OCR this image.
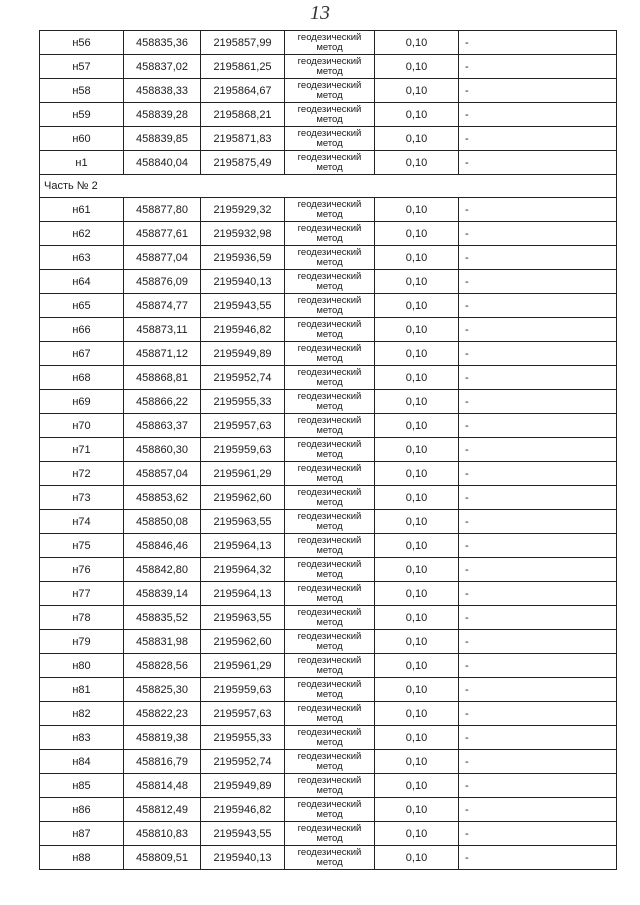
13
н56	458835,36	2195857,99	геодезический метод	0,10	-
н57	458837,02	2195861,25	геодезический метод	0,10	-
н58	458838,33	2195864,67	геодезический метод	0,10	-
н59	458839,28	2195868,21	геодезический метод	0,10	-
н60	458839,85	2195871,83	геодезический метод	0,10	-
н1	458840,04	2195875,49	геодезический метод	0,10	-
Часть № 2					
н61	458877,80	2195929,32	геодезический метод	0,10	-
н62	458877,61	2195932,98	геодезический метод	0,10	-
н63	458877,04	2195936,59	геодезический метод	0,10	-
н64	458876,09	2195940,13	геодезический метод	0,10	-
н65	458874,77	2195943,55	геодезический метод	0,10	-
н66	458873,11	2195946,82	геодезический метод	0,10	-
н67	458871,12	2195949,89	геодезический метод	0,10	-
н68	458868,81	2195952,74	геодезический метод	0,10	-
н69	458866,22	2195955,33	геодезический метод	0,10	-
н70	458863,37	2195957,63	геодезический метод	0,10	-
н71	458860,30	2195959,63	геодезический метод	0,10	-
н72	458857,04	2195961,29	геодезический метод	0,10	-
н73	458853,62	2195962,60	геодезический метод	0,10	-
н74	458850,08	2195963,55	геодезический метод	0,10	-
н75	458846,46	2195964,13	геодезический метод	0,10	-
н76	458842,80	2195964,32	геодезический метод	0,10	-
н77	458839,14	2195964,13	геодезический метод	0,10	-
н78	458835,52	2195963,55	геодезический метод	0,10	-
н79	458831,98	2195962,60	геодезический метод	0,10	-
н80	458828,56	2195961,29	геодезический метод	0,10	-
н81	458825,30	2195959,63	геодезический метод	0,10	-
н82	458822,23	2195957,63	геодезический метод	0,10	-
н83	458819,38	2195955,33	геодезический метод	0,10	-
н84	458816,79	2195952,74	геодезический метод	0,10	-
н85	458814,48	2195949,89	геодезический метод	0,10	-
н86	458812,49	2195946,82	геодезический метод	0,10	-
н87	458810,83	2195943,55	геодезический метод	0,10	-
н88	458809,51	2195940,13	геодезический метод	0,10	-
